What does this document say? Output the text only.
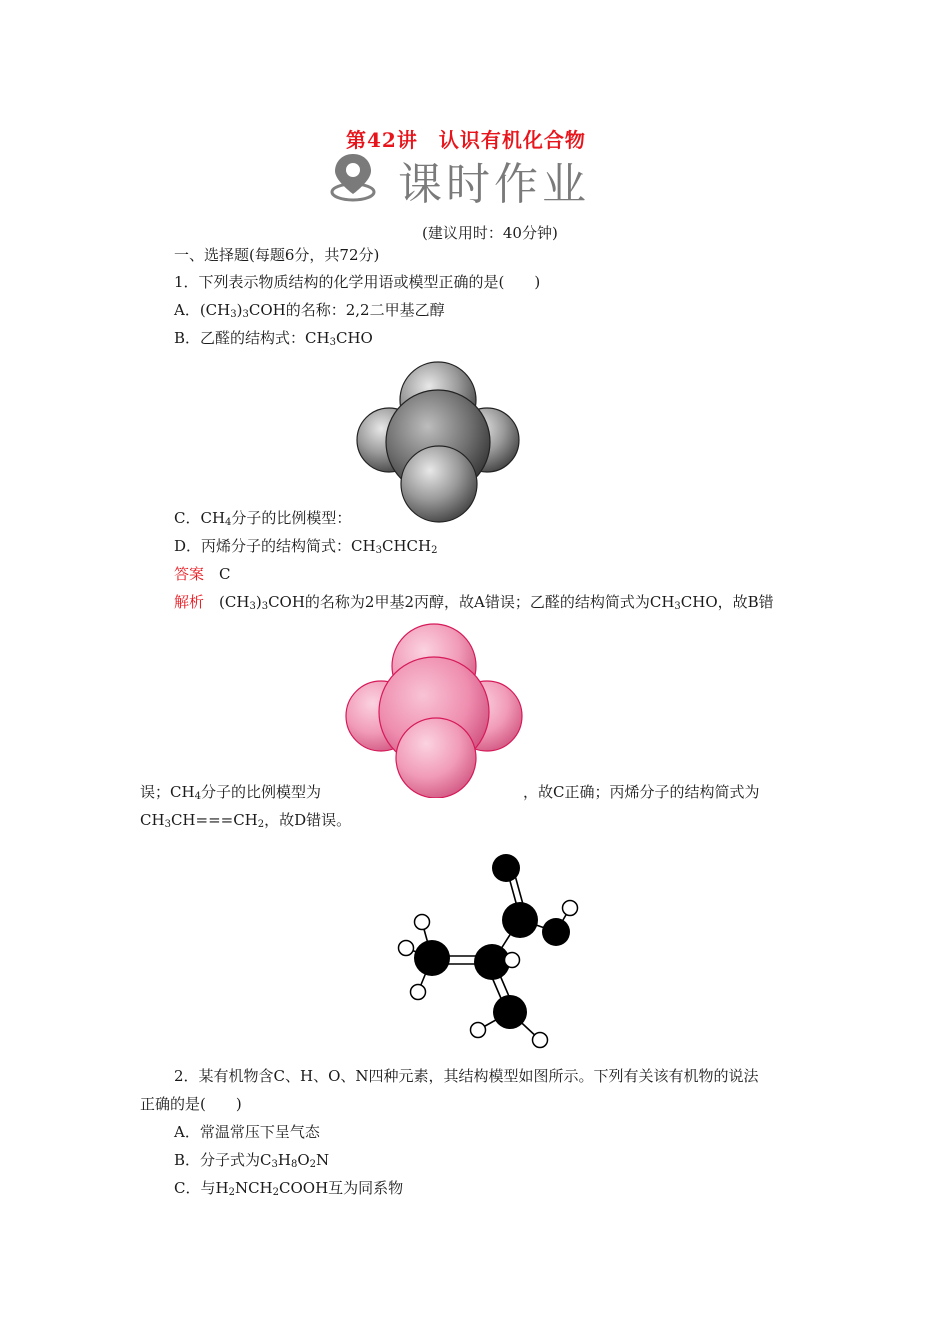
第42讲　认识有机化合物
课时作业
(建议用时：40分钟)
一、选择题(每题6分，共72分)
1．下列表示物质结构的化学用语或模型正确的是(　　)
A．$(CH_3)_3COH$的名称：2,2二甲基乙醇
B．乙醛的结构式：$CH_3CHO$
C．$CH_4$分子的比例模型：
D．丙烯分子的结构简式：$CH_3CHCH_2$
答案　 C
解析　 $(CH_3)_3COH$的名称为2甲基2丙醇，故A错误；乙醛的结构简式为$CH_3CHO$，故B错
误；$CH_4$分子的比例模型为	，故C正确；丙烯分子的结构简式为
$CH_3CH===CH_2$，故D错误。
2．某有机物含C、H、O、N四种元素，其结构模型如图所示。下列有关该有机物的说法
正确的是(　　)
A．常温常压下呈气态
B．分子式为$C_3H_8O_2N$
C．与$H_2NCH_2COOH$互为同系物
